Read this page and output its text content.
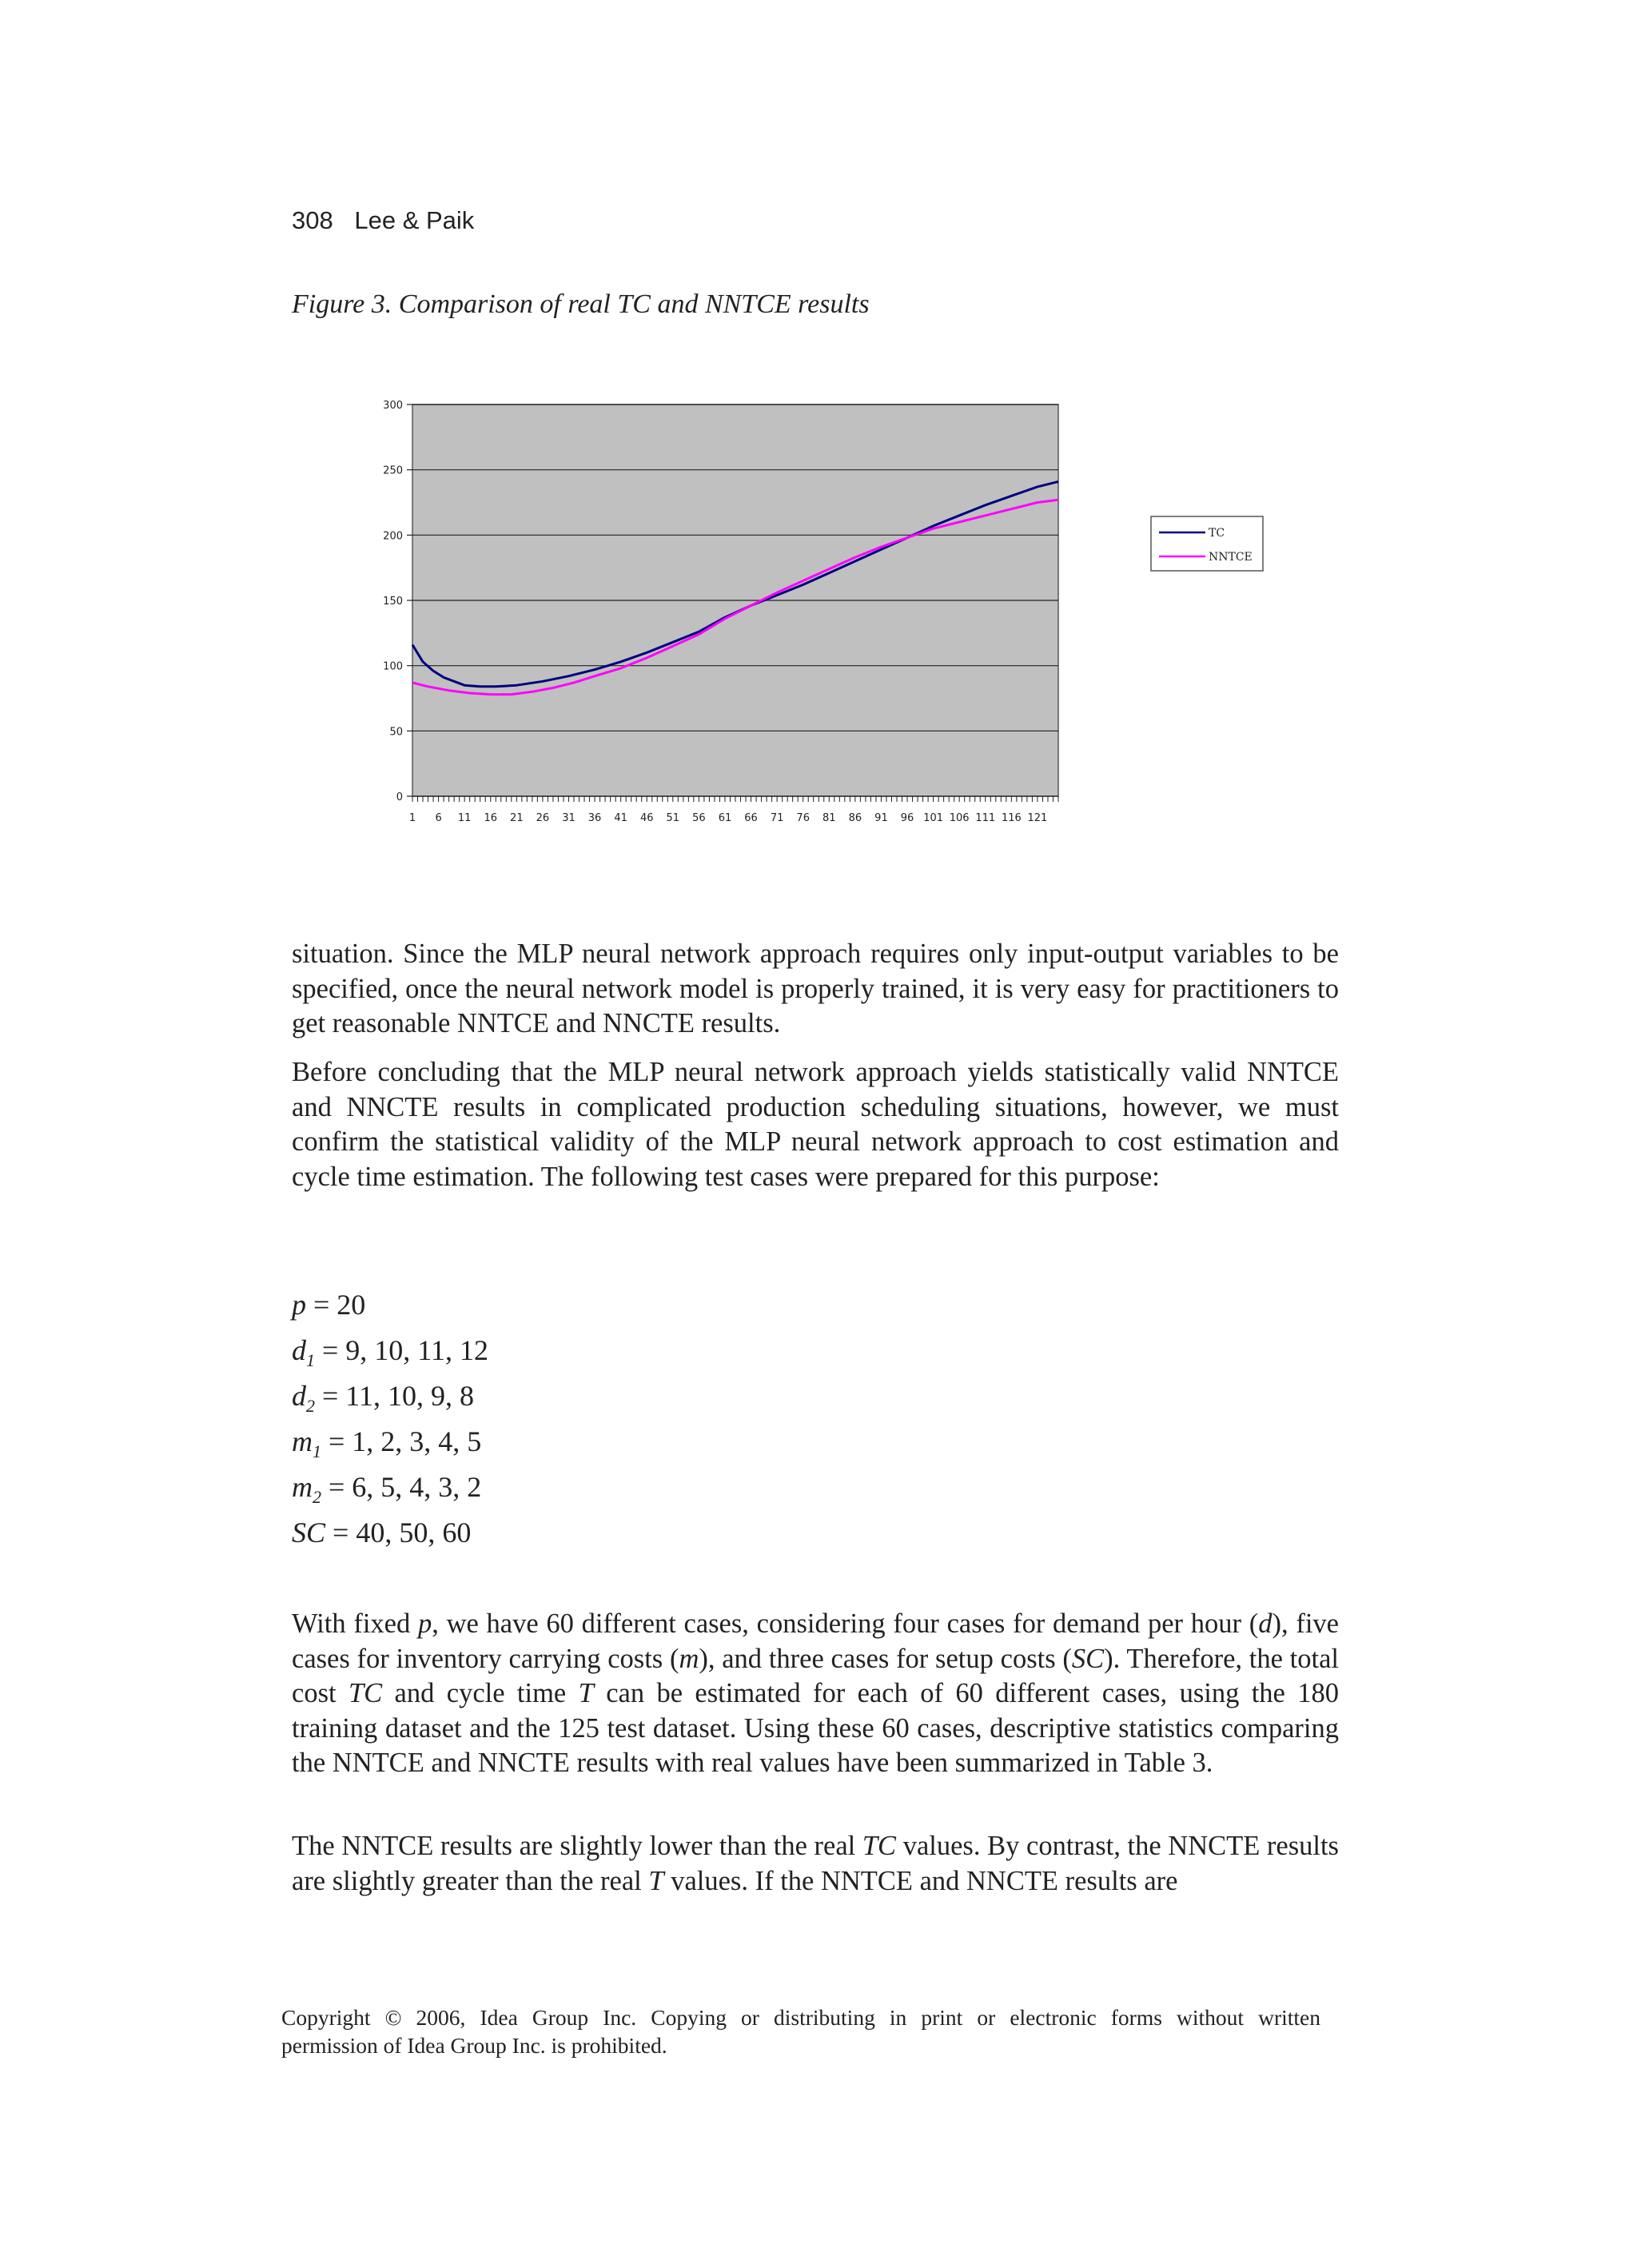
308 Lee & Paik
Figure 3. Comparison of real TC and NNTCE results
0
50
100
150
200
250
300
1 6 11 16 21 26 31 36 41 46 51 56 61 66 71 76 81 86 91 96 101 106 111 116 121
TC
NNTCE

situation. Since the MLP neural network approach requires only input-output variables to be specified, once the neural network model is properly trained, it is very easy for practitioners to get reasonable NNTCE and NNCTE results.

Before concluding that the MLP neural network approach yields statistically valid NNTCE and NNCTE results in complicated production scheduling situations, however, we must confirm the statistical validity of the MLP neural network approach to cost estimation and cycle time estimation. The following test cases were prepared for this purpose:

p = 20
$d_1 = 9$, 10, 11, 12
$d_2 = 11$, 10, 9, 8
$m_1 = 1$, 2, 3, 4, 5
$m_2 = 6$, 5, 4, 3, 2
SC = 40, 50, 60

With fixed p, we have 60 different cases, considering four cases for demand per hour (d), five cases for inventory carrying costs (m), and three cases for setup costs (SC). Therefore, the total cost TC and cycle time T can be estimated for each of 60 different cases, using the 180 training dataset and the 125 test dataset. Using these 60 cases, descriptive statistics comparing the NNTCE and NNCTE results with real values have been summarized in Table 3.

The NNTCE results are slightly lower than the real TC values. By contrast, the NNCTE results are slightly greater than the real T values. If the NNTCE and NNCTE results are

Copyright © 2006, Idea Group Inc. Copying or distributing in print or electronic forms without written
permission of Idea Group Inc. is prohibited.
